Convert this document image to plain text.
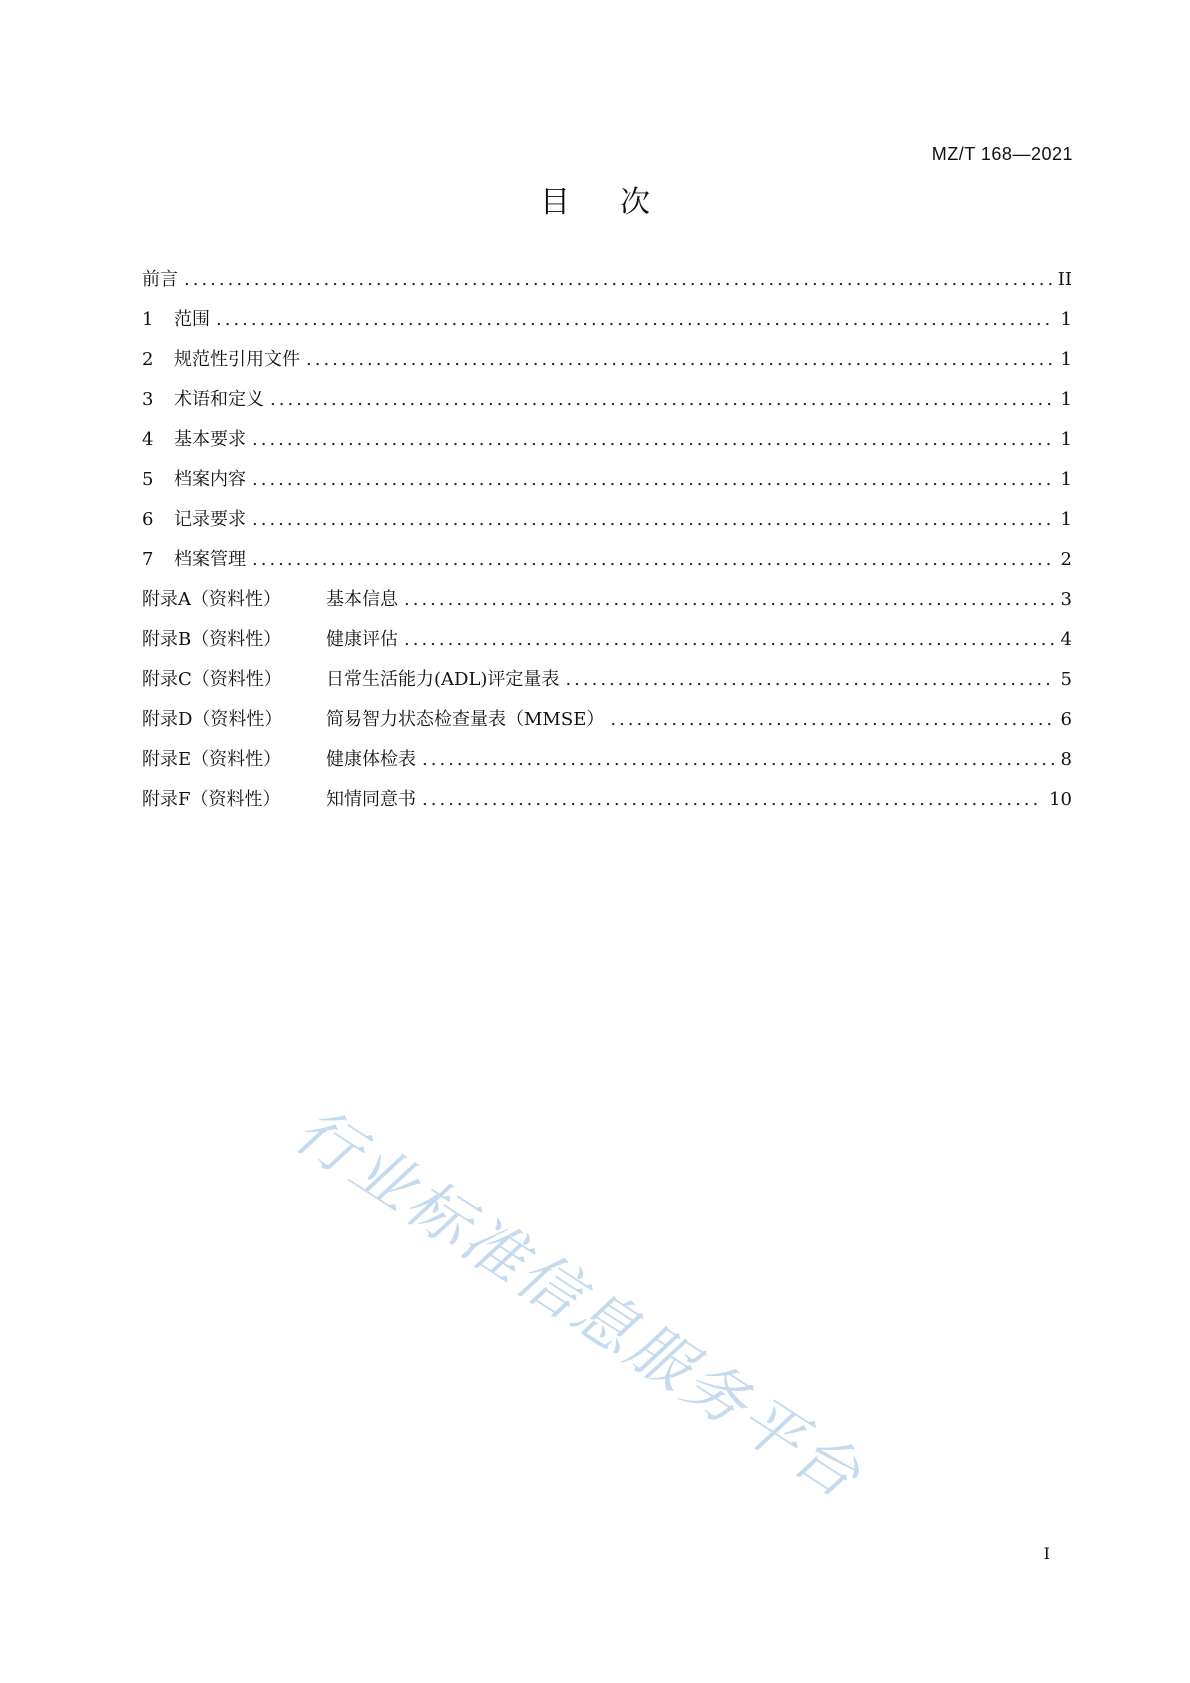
MZ/T 168—2021
目次
前言 .....	II
1	范围 .....	1
2	规范性引用文件 .....	1
3	术语和定义 .....	1
4	基本要求 .....	1
5	档案内容 .....	1
6	记录要求 .....	1
7	档案管理 .....	2
附录A（资料性）	基本信息 .....	3
附录B（资料性）	健康评估 .....	4
附录C（资料性）	日常生活能力(ADL)评定量表 .....	5
附录D（资料性）	简易智力状态检查量表（MMSE） .....	6
附录E（资料性）	健康体检表 .....	8
附录F（资料性）	知情同意书 .....	10
行业标准信息服务平台
I
